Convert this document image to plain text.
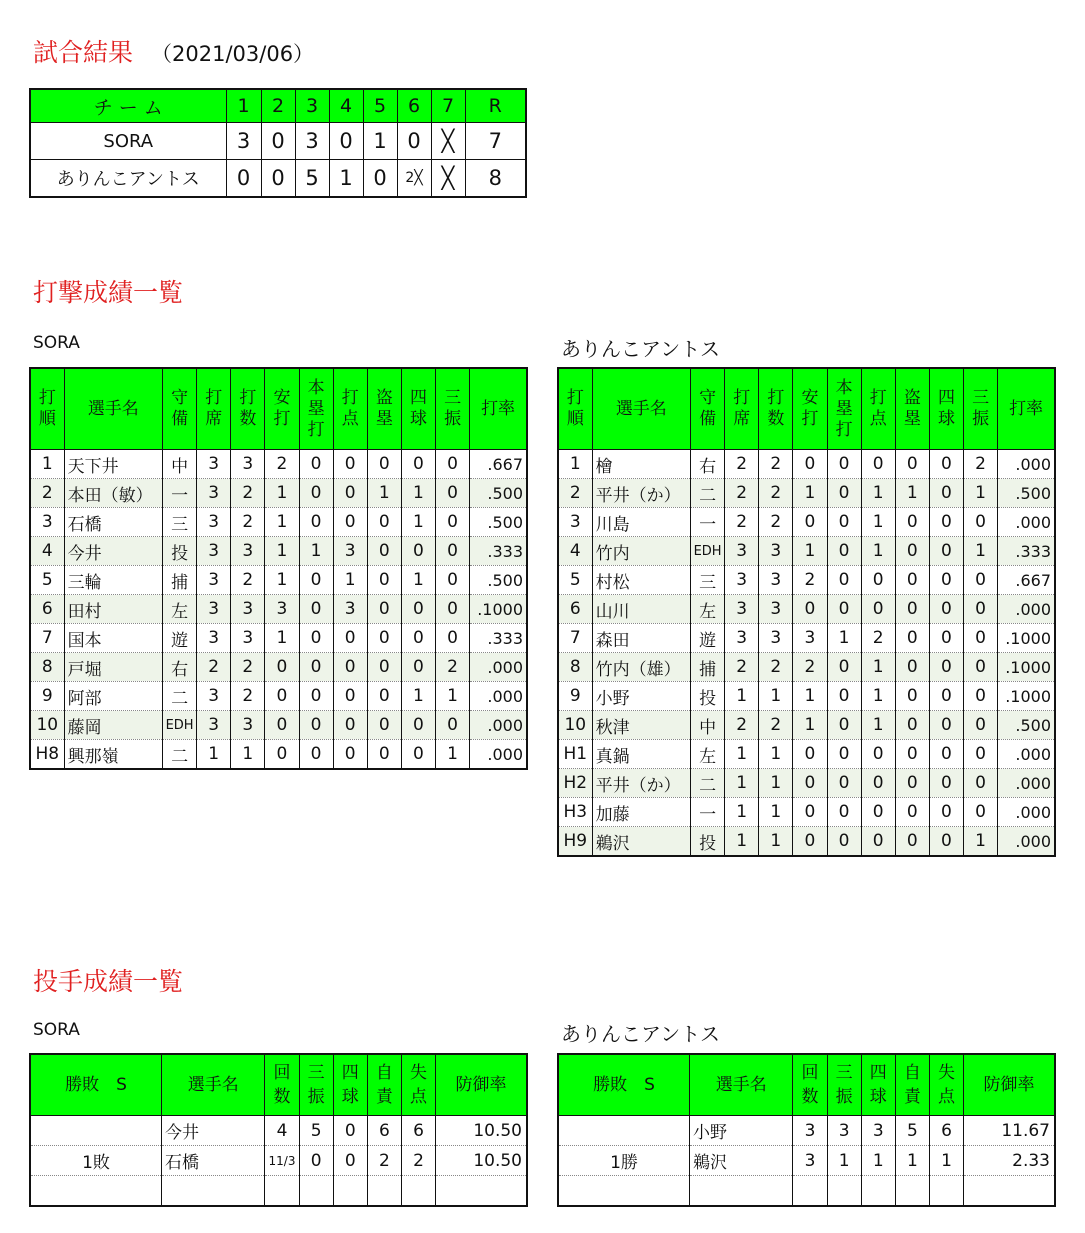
試合結果 （2021/03/06）
チ ー ム	1	2	3	4	5	6	7	R
SORA	3	0	3	0	1	0	╳	7
ありんこアントス	0	0	5	1	0	2╳	╳	8
打撃成績一覧
SORA	ありんこアントス
打順	選手名	守備	打席	打数	安打	本塁打	打点	盗塁	四球	三振	打率
1	天下井	中	3	3	2	0	0	0	0	0	.667
2	本田（敏）	一	3	2	1	0	0	1	1	0	.500
3	石橋	三	3	2	1	0	0	0	1	0	.500
4	今井	投	3	3	1	1	3	0	0	0	.333
5	三輪	捕	3	2	1	0	1	0	1	0	.500
6	田村	左	3	3	3	0	3	0	0	0	.1000
7	国本	遊	3	3	1	0	0	0	0	0	.333
8	戸堀	右	2	2	0	0	0	0	0	2	.000
9	阿部	二	3	2	0	0	0	0	1	1	.000
10	藤岡	EDH	3	3	0	0	0	0	0	0	.000
H8	興那嶺	二	1	1	0	0	0	0	0	1	.000
打順	選手名	守備	打席	打数	安打	本塁打	打点	盗塁	四球	三振	打率
1	檜	右	2	2	0	0	0	0	0	2	.000
2	平井（か）	二	2	2	1	0	1	1	0	1	.500
3	川島	一	2	2	0	0	1	0	0	0	.000
4	竹内	EDH	3	3	1	0	1	0	0	1	.333
5	村松	三	3	3	2	0	0	0	0	0	.667
6	山川	左	3	3	0	0	0	0	0	0	.000
7	森田	遊	3	3	3	1	2	0	0	0	.1000
8	竹内（雄）	捕	2	2	2	0	1	0	0	0	.1000
9	小野	投	1	1	1	0	1	0	0	0	.1000
10	秋津	中	2	2	1	0	1	0	0	0	.500
H1	真鍋	左	1	1	0	0	0	0	0	0	.000
H2	平井（か）	二	1	1	0	0	0	0	0	0	.000
H3	加藤	一	1	1	0	0	0	0	0	0	.000
H9	鵜沢	投	1	1	0	0	0	0	0	1	.000
投手成績一覧
SORA	ありんこアントス
勝敗　S	選手名	回数	三振	四球	自責	失点	防御率
	今井	4	5	0	6	6	10.50
1敗	石橋	11/3	0	0	2	2	10.50

勝敗　S	選手名	回数	三振	四球	自責	失点	防御率
	小野	3	3	3	5	6	11.67
1勝	鵜沢	3	1	1	1	1	2.33
